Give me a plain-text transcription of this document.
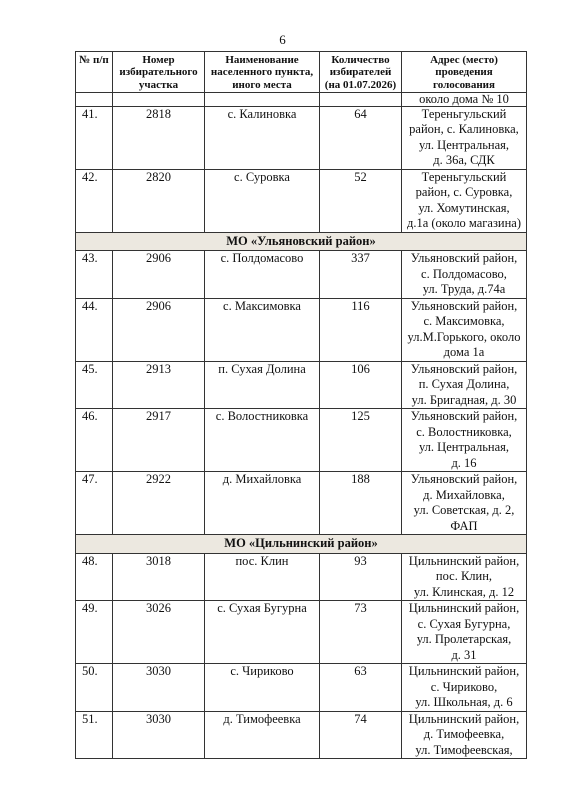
6
№ п/п	Номер избирательного участка	Наименование населенного пункта, иного места	Количество избирателей (на 01.07.2026)	Адрес (место) проведения голосования
				около дома № 10
41.	2818	с. Калиновка	64	Тереньгульский
район, с. Калиновка,
ул. Центральная,
д. 36а, СДК

42.	2820	с. Суровка	52	Тереньгульский
район, с. Суровка,
ул. Хомутинская,
д.1а (около магазина)

МО «Ульяновский район»				
43.	2906	с. Полдомасово	337	Ульяновский район,
с. Полдомасово,
ул. Труда, д.74а

44.	2906	с. Максимовка	116	Ульяновский район,
с. Максимовка,
ул.М.Горького, около
дома 1а

45.	2913	п. Сухая Долина	106	Ульяновский район,
п. Сухая Долина,
ул. Бригадная, д. 30

46.	2917	с. Волостниковка	125	Ульяновский район,
с. Волостниковка,
ул. Центральная,
д. 16

47.	2922	д. Михайловка	188	Ульяновский район,
д. Михайловка,
ул. Советская, д. 2,
ФАП

МО «Цильнинский район»				
48.	3018	пос. Клин	93	Цильнинский район,
пос. Клин,
ул. Клинская, д. 12

49.	3026	с. Сухая Бугурна	73	Цильнинский район,
с. Сухая Бугурна,
ул. Пролетарская,
д. 31

50.	3030	с. Чириково	63	Цильнинский район,
с. Чириково,
ул. Школьная, д. 6

51.	3030	д. Тимофеевка	74	Цильнинский район,
д. Тимофеевка,
ул. Тимофеевская,
